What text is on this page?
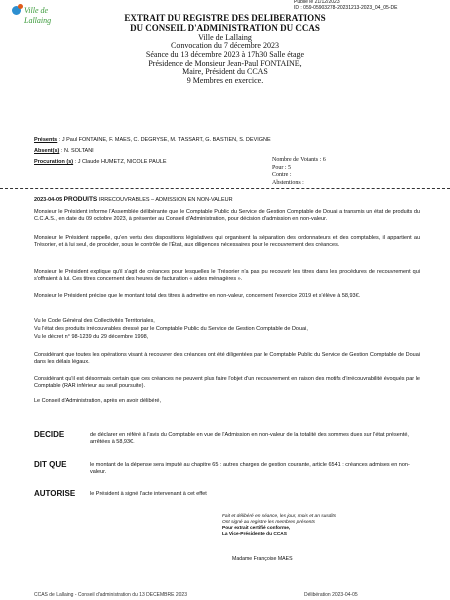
Ville de Lallaing
Publié le 21/12/2023
ID : 059-05903278-20231213-2023_04_05-DE
EXTRAIT DU REGISTRE DES DELIBERATIONS
DU CONSEIL D'ADMINISTRATION DU CCAS
Ville de Lallaing
Convocation du 7 décembre 2023
Séance du 13 décembre 2023 à 17h30 Salle étage
Présidence de Monsieur Jean-Paul FONTAINE,
Maire, Président du CCAS
9 Membres en exercice.
Présents : J Paul FONTAINE, F. MAES, C. DEGRYSE, M. TASSART, G. BASTIEN, S. DEVIGNE
Absent(s) : N. SOLTANI
Procuration (s) : J Claude HUMETZ, NICOLE PAULE	Nombre de Votants : 6
Pour : 5
Contre :
Abstentions :
2023-04-05 PRODUITS IRRECOUVRABLES – ADMISSION EN NON-VALEUR
Monsieur le Président informe l'Assemblée délibérante que le Comptable Public du Service de Gestion Comptable de Douai a transmis un état de produits du C.C.A.S., en date du 09 octobre 2023, à présenter au Conseil d'Administration, pour décision d'admission en non-valeur.
Monsieur le Président rappelle, qu'en vertu des dispositions législatives qui organisent la séparation des ordonnateurs et des comptables, il appartient au Trésorier, et à lui seul, de procéder, sous le contrôle de l'État, aux diligences nécessaires pour le recouvrement des créances.
Monsieur le Président explique qu'il s'agit de créances pour lesquelles le Trésorier n'a pas pu recouvrir les titres dans les procédures de recouvrement qui s'offraient à lui. Ces titres concernent des heures de facturation « aides ménagères ».
Monsieur le Président précise que le montant total des titres à admettre en non-valeur, concernent l'exercice 2019 et s'élève à 58,93€.
Vu le Code Général des Collectivités Territoriales,
Vu l'état des produits irrécouvrables dressé par le Comptable Public du Service de Gestion Comptable de Douai,
Vu le décret n° 98-1239 du 29 décembre 1998,
Considérant que toutes les opérations visant à recouvrer des créances ont été diligentées par le Comptable Public du Service de Gestion Comptable de Douai dans les délais légaux.
Considérant qu'il est désormais certain que ces créances ne peuvent plus faire l'objet d'un recouvrement en raison des motifs d'irrécouvrabilité évoqués par le Comptable (RAR inférieur au seuil poursuite).
Le Conseil d'Administration, après en avoir délibéré,
DECIDE	de déclarer en référé à l'avis du Comptable en vue de l'Admission en non-valeur de la totalité des sommes dues sur l'état présenté, arrêtées à 58,93€.
DIT QUE	le montant de la dépense sera imputé au chapitre 65 : autres charges de gestion courante, article 6541 : créances admises en non-valeur.
AUTORISE	le Président à signé l'acte intervenant à cet effet
Fait et délibéré en séance, les jour, mois et an susdits
Ont signé au registre les membres présents
Pour extrait certifié conforme,
La Vice-Présidente du CCAS
Madame Françoise MAES
CCAS de Lallaing - Conseil d'administration du 13 DECEMBRE 2023	Délibération 2023-04-05
